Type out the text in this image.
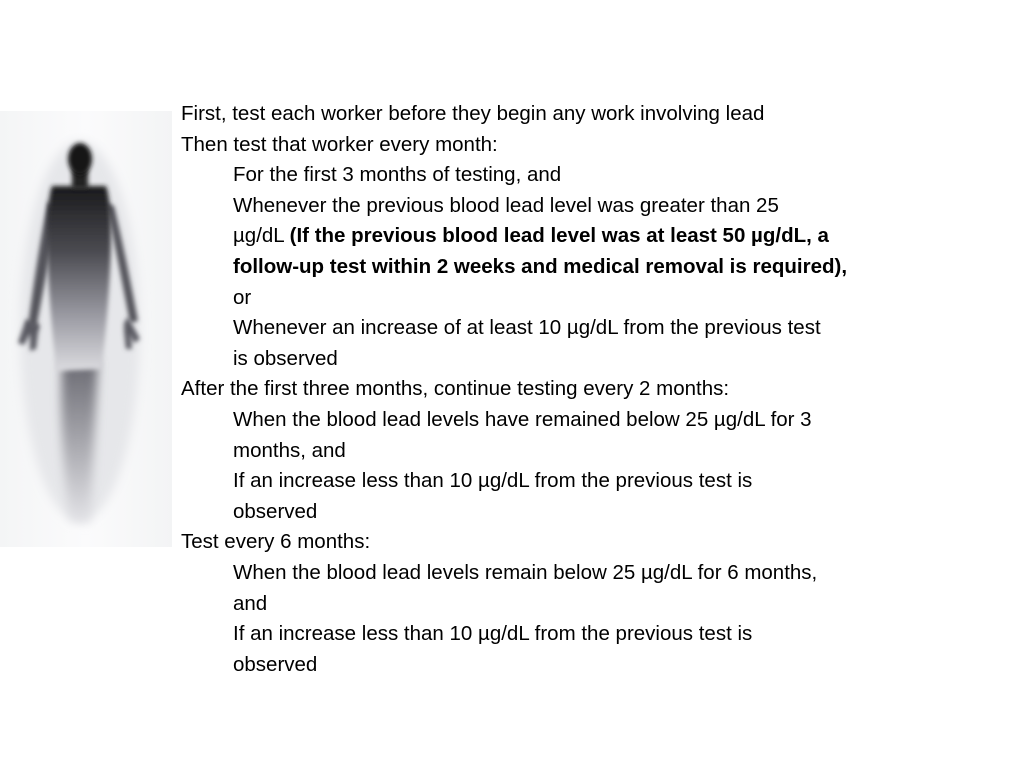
First, test each worker before they begin any work involving lead
Then test that worker every month:
For the first 3 months of testing, and
Whenever the previous blood lead level was greater than 25
µg/dL (If the previous blood lead level was at least 50 µg/dL, a
follow-up test within 2 weeks and medical removal is required),
or
Whenever an increase of at least 10 µg/dL from the previous test
is observed
After the first three months, continue testing every 2 months:
When the blood lead levels have remained below 25 µg/dL for 3
months, and
If an increase less than 10 µg/dL from the previous test is
observed
Test every 6 months:
When the blood lead levels remain below 25 µg/dL for 6 months,
and
If an increase less than 10 µg/dL from the previous test is
observed
